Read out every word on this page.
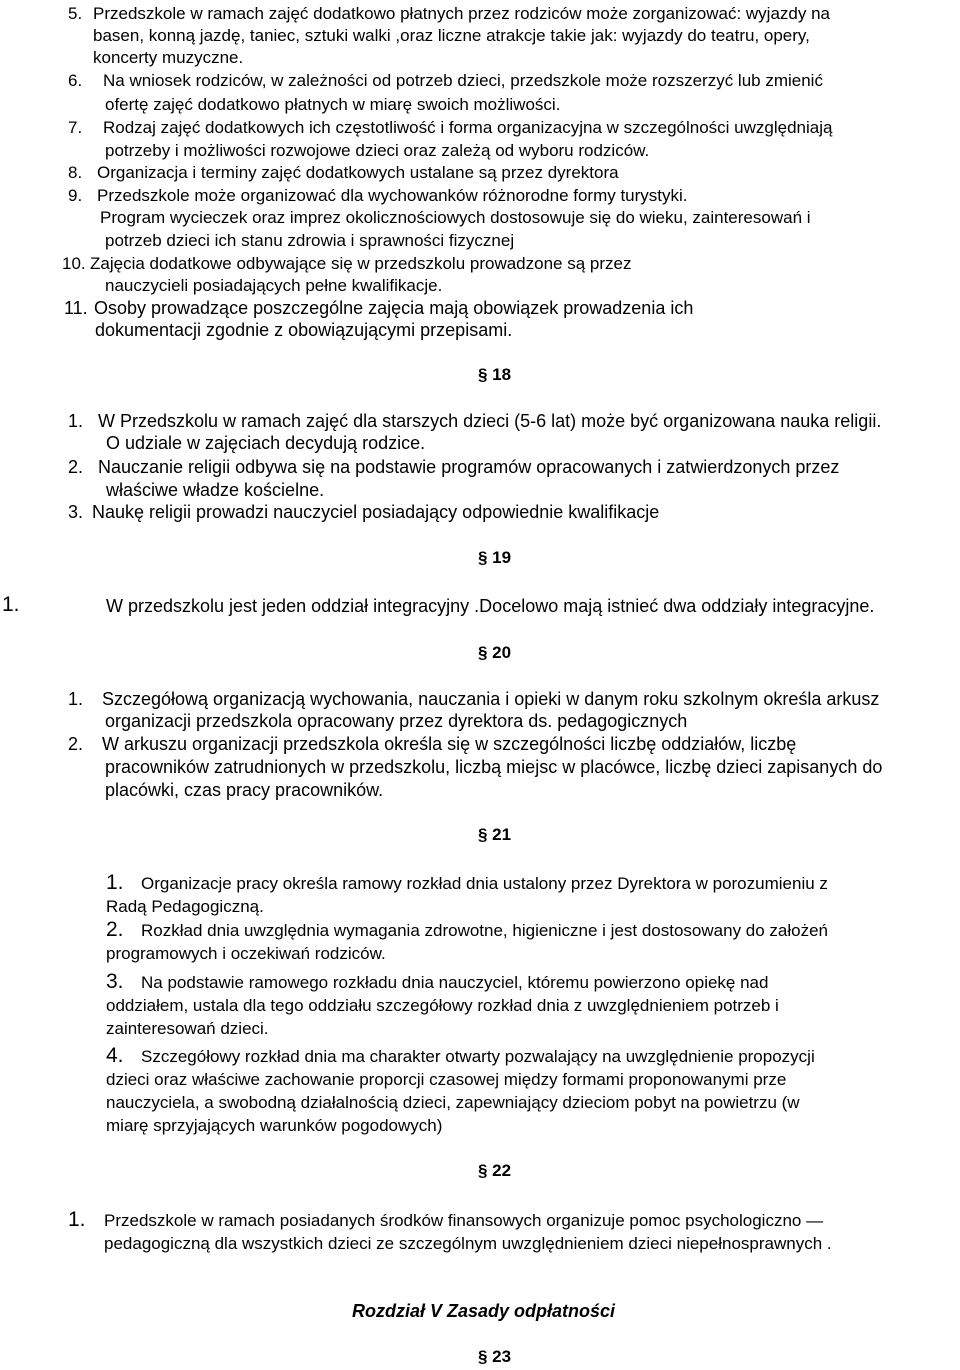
5. Przedszkole w ramach zajęć dodatkowo płatnych przez rodziców może zorganizować: wyjazdy na
basen, konną jazdę, taniec, sztuki walki ,oraz liczne atrakcje takie jak: wyjazdy do teatru, opery,
koncerty muzyczne.
6. Na wniosek rodziców, w zależności od potrzeb dzieci, przedszkole może rozszerzyć lub zmienić
ofertę zajęć dodatkowo płatnych w miarę swoich możliwości.
7. Rodzaj zajęć dodatkowych ich częstotliwość i forma organizacyjna w szczególności uwzględniają
potrzeby i możliwości rozwojowe dzieci oraz zależą od wyboru rodziców.
8. Organizacja i terminy zajęć dodatkowych ustalane są przez dyrektora
9. Przedszkole może organizować dla wychowanków różnorodne formy turystyki.
Program wycieczek oraz imprez okolicznościowych dostosowuje się do wieku, zainteresowań i
potrzeb dzieci ich stanu zdrowia i sprawności fizycznej
10. Zajęcia dodatkowe odbywające się w przedszkolu prowadzone są przez
nauczycieli posiadających pełne kwalifikacje.
11. Osoby prowadzące poszczególne zajęcia mają obowiązek prowadzenia ich
dokumentacji zgodnie z obowiązującymi przepisami.
§ 18
1. W Przedszkolu w ramach zajęć dla starszych dzieci (5-6 lat) może być organizowana nauka religii.
O udziale w zajęciach decydują rodzice.
2. Nauczanie religii odbywa się na podstawie programów opracowanych i zatwierdzonych przez
właściwe władze kościelne.
3. Naukę religii prowadzi nauczyciel posiadający odpowiednie kwalifikacje
§ 19
1.	W przedszkolu jest jeden oddział integracyjny .Docelowo mają istnieć dwa oddziały integracyjne.
§ 20
1. Szczegółową organizacją wychowania, nauczania i opieki w danym roku szkolnym określa arkusz
organizacji przedszkola opracowany przez dyrektora ds. pedagogicznych
2. W arkuszu organizacji przedszkola określa się w szczególności liczbę oddziałów, liczbę
pracowników zatrudnionych w przedszkolu, liczbą miejsc w placówce, liczbę dzieci zapisanych do
placówki, czas pracy pracowników.
§ 21
1. Organizacje pracy określa ramowy rozkład dnia ustalony przez Dyrektora w porozumieniu z
Radą Pedagogiczną.
2. Rozkład dnia uwzględnia wymagania zdrowotne, higieniczne i jest dostosowany do założeń
programowych i oczekiwań rodziców.
3. Na podstawie ramowego rozkładu dnia nauczyciel, któremu powierzono opiekę nad
oddziałem, ustala dla tego oddziału szczegółowy rozkład dnia z uwzględnieniem potrzeb i
zainteresowań dzieci.
4. Szczegółowy rozkład dnia ma charakter otwarty pozwalający na uwzględnienie propozycji
dzieci oraz właściwe zachowanie proporcji czasowej między formami proponowanymi prze
nauczyciela, a swobodną działalnością dzieci, zapewniający dzieciom pobyt na powietrzu (w
miarę sprzyjających warunków pogodowych)
§ 22
1. Przedszkole w ramach posiadanych środków finansowych organizuje pomoc psychologiczno —
pedagogiczną dla wszystkich dzieci ze szczególnym uwzględnieniem dzieci niepełnosprawnych .
Rozdział V Zasady odpłatności
§ 23
